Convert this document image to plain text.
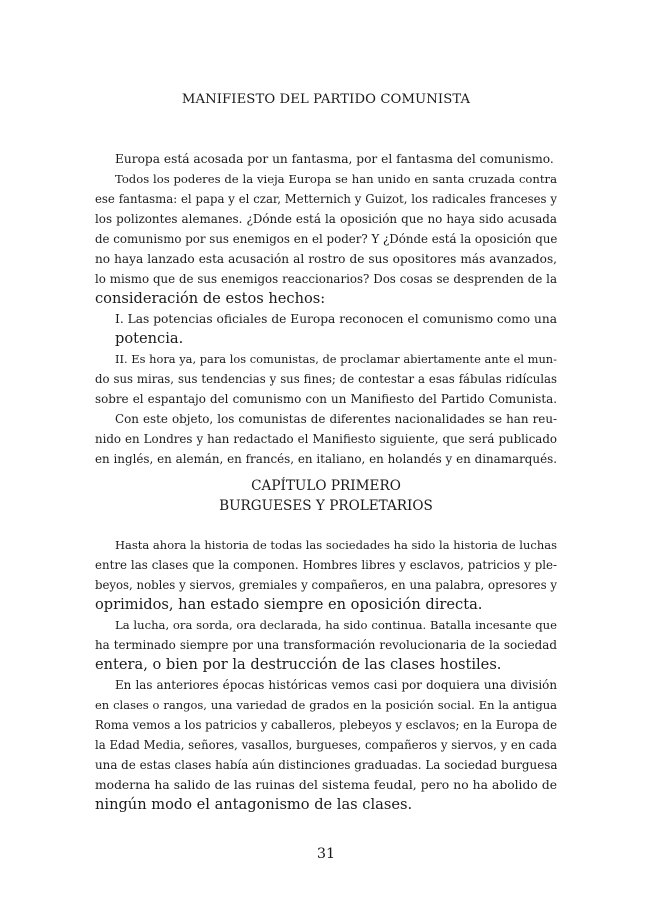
MANIFIESTO DEL PARTIDO COMUNISTA
Europa está acosada por un fantasma, por el fantasma del comunismo.
Todos los poderes de la vieja Europa se han unido en santa cruzada contra
ese fantasma: el papa y el czar, Metternich y Guizot, los radicales franceses y
los polizontes alemanes. ¿Dónde está la oposición que no haya sido acusada
de comunismo por sus enemigos en el poder? Y ¿Dónde está la oposición que
no haya lanzado esta acusación al rostro de sus opositores más avanzados,
lo mismo que de sus enemigos reaccionarios? Dos cosas se desprenden de la
consideración de estos hechos:
I. Las potencias oficiales de Europa reconocen el comunismo como una
potencia.
II. Es hora ya, para los comunistas, de proclamar abiertamente ante el mun-
do sus miras, sus tendencias y sus fines; de contestar a esas fábulas ridículas
sobre el espantajo del comunismo con un Manifiesto del Partido Comunista.
Con este objeto, los comunistas de diferentes nacionalidades se han reu-
nido en Londres y han redactado el Manifiesto siguiente, que será publicado
en inglés, en alemán, en francés, en italiano, en holandés y en dinamarqués.
CAPÍTULO PRIMERO
BURGUESES Y PROLETARIOS
Hasta ahora la historia de todas las sociedades ha sido la historia de luchas
entre las clases que la componen. Hombres libres y esclavos, patricios y ple-
beyos, nobles y siervos, gremiales y compañeros, en una palabra, opresores y
oprimidos, han estado siempre en oposición directa.
La lucha, ora sorda, ora declarada, ha sido continua. Batalla incesante que
ha terminado siempre por una transformación revolucionaria de la sociedad
entera, o bien por la destrucción de las clases hostiles.
En las anteriores épocas históricas vemos casi por doquiera una división
en clases o rangos, una variedad de grados en la posición social. En la antigua
Roma vemos a los patricios y caballeros, plebeyos y esclavos; en la Europa de
la Edad Media, señores, vasallos, burgueses, compañeros y siervos, y en cada
una de estas clases había aún distinciones graduadas. La sociedad burguesa
moderna ha salido de las ruinas del sistema feudal, pero no ha abolido de
ningún modo el antagonismo de las clases.
31
